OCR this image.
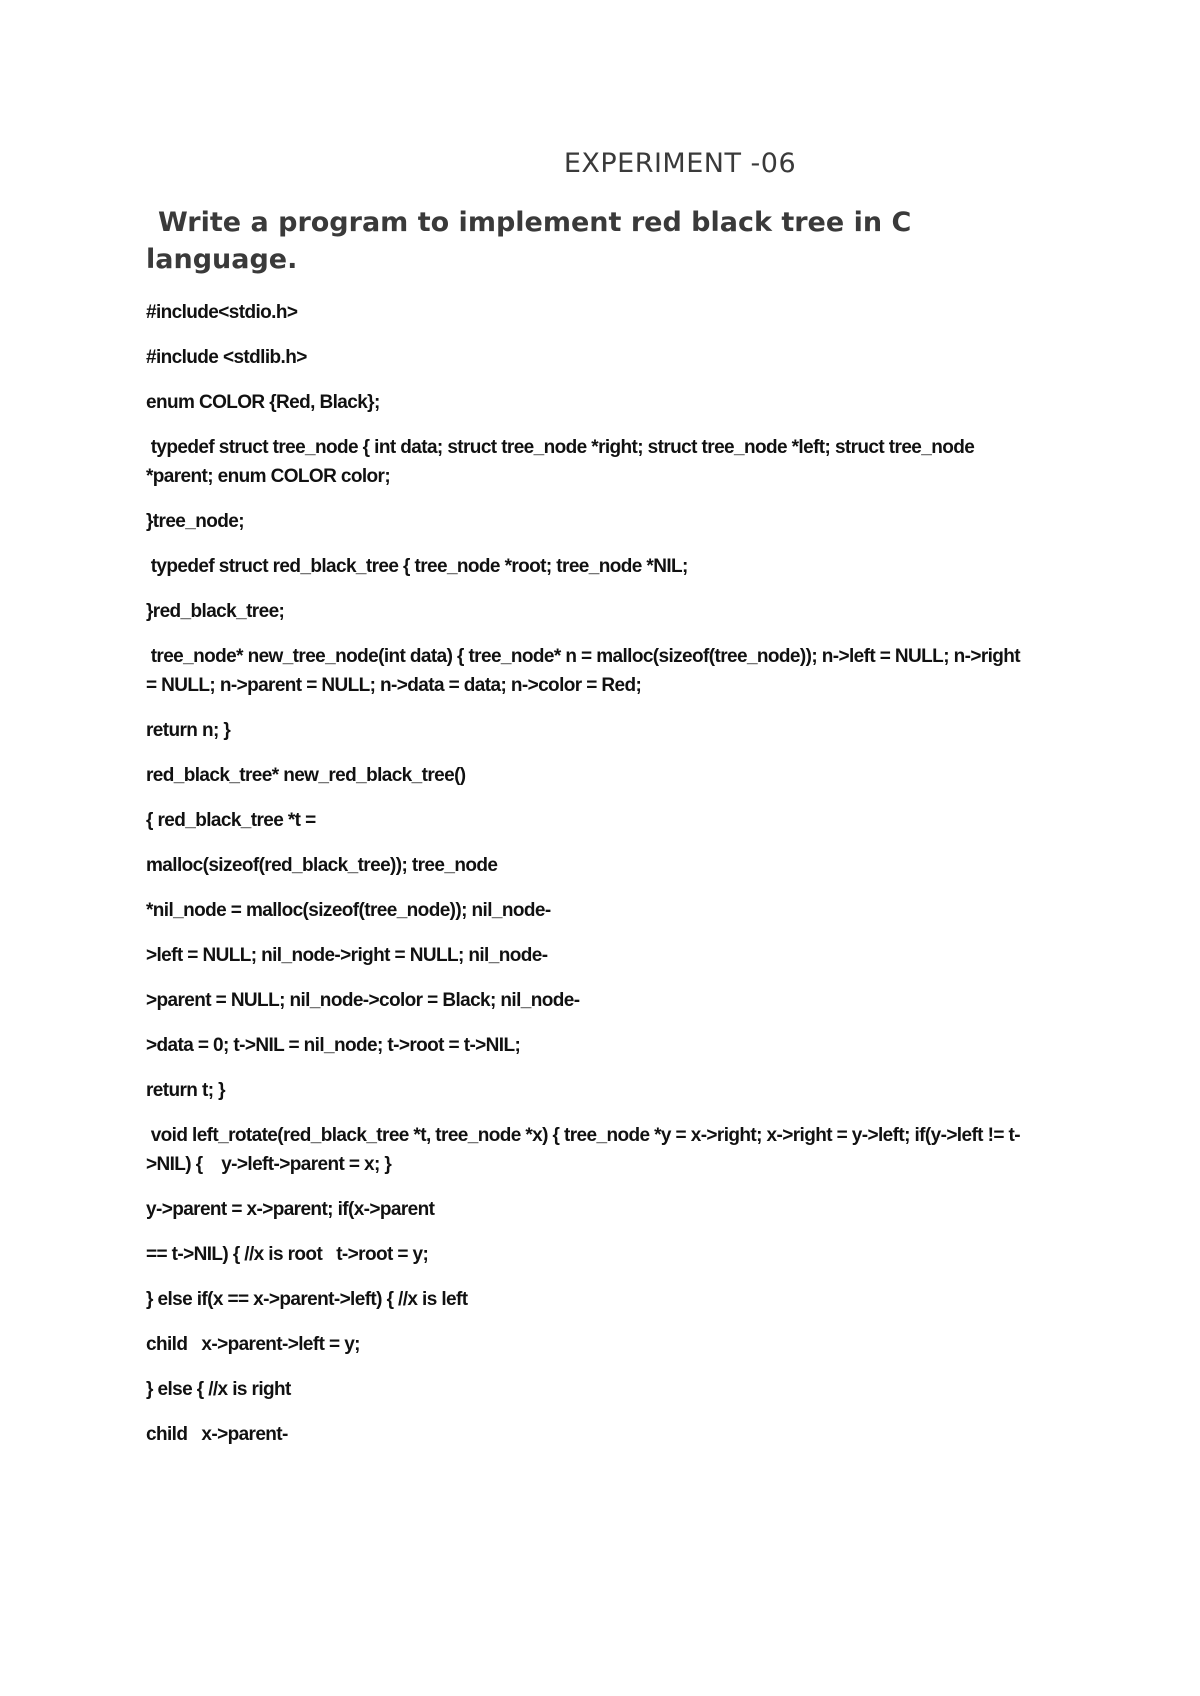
EXPERIMENT -06
Write a program to implement red black tree in C language.

#include<stdio.h>

#include <stdlib.h>

enum COLOR {Red, Black};

typedef struct tree_node { int data; struct tree_node *right; struct tree_node *left; struct tree_node *parent; enum COLOR color;

}tree_node;

typedef struct red_black_tree { tree_node *root; tree_node *NIL;

}red_black_tree;

tree_node* new_tree_node(int data) { tree_node* n = malloc(sizeof(tree_node)); n->left = NULL; n->right = NULL; n->parent = NULL; n->data = data; n->color = Red;

return n; }

red_black_tree* new_red_black_tree()

{ red_black_tree *t =

malloc(sizeof(red_black_tree)); tree_node

*nil_node = malloc(sizeof(tree_node)); nil_node-

>left = NULL; nil_node->right = NULL; nil_node-

>parent = NULL; nil_node->color = Black; nil_node-

>data = 0; t->NIL = nil_node; t->root = t->NIL;

return t; }

void left_rotate(red_black_tree *t, tree_node *x) { tree_node *y = x->right; x->right = y->left; if(y->left != t->NIL) {    y->left->parent = x; }

y->parent = x->parent; if(x->parent

== t->NIL) { //x is root   t->root = y;

} else if(x == x->parent->left) { //x is left

child   x->parent->left = y;

} else { //x is right

child   x->parent-
